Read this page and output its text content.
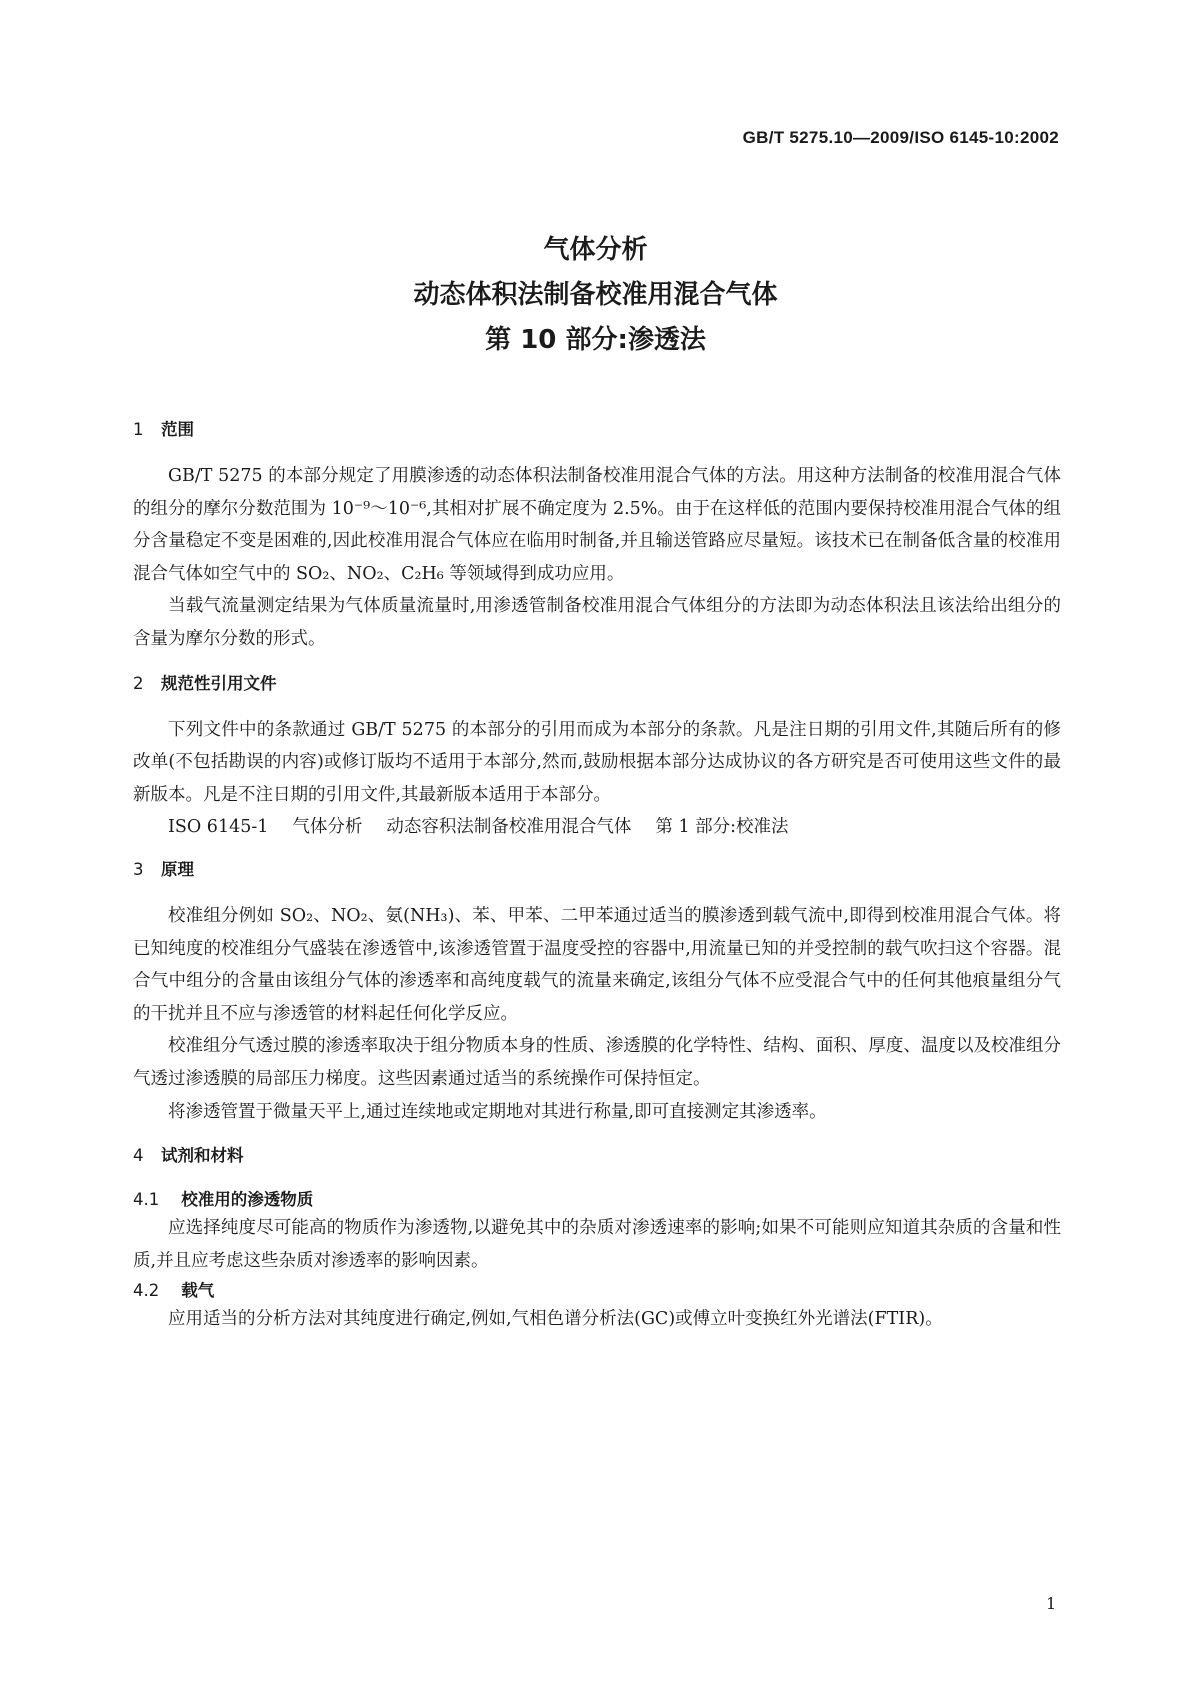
GB/T 5275.10—2009/ISO 6145-10:2002
气体分析
动态体积法制备校准用混合气体
第 10 部分:渗透法
1 范围

GB/T 5275 的本部分规定了用膜渗透的动态体积法制备校准用混合气体的方法。用这种方法制备的校准用混合气体的组分的摩尔分数范围为 10⁻⁹～10⁻⁶,其相对扩展不确定度为 2.5%。由于在这样低的范围内要保持校准用混合气体的组分含量稳定不变是困难的,因此校准用混合气体应在临用时制备,并且输送管路应尽量短。该技术已在制备低含量的校准用混合气体如空气中的 SO₂、NO₂、C₂H₆ 等领域得到成功应用。

当载气流量测定结果为气体质量流量时,用渗透管制备校准用混合气体组分的方法即为动态体积法且该法给出组分的含量为摩尔分数的形式。

2 规范性引用文件

下列文件中的条款通过 GB/T 5275 的本部分的引用而成为本部分的条款。凡是注日期的引用文件,其随后所有的修改单(不包括勘误的内容)或修订版均不适用于本部分,然而,鼓励根据本部分达成协议的各方研究是否可使用这些文件的最新版本。凡是不注日期的引用文件,其最新版本适用于本部分。

ISO 6145-1 气体分析 动态容积法制备校准用混合气体 第 1 部分:校准法
3 原理

校准组分例如 SO₂、NO₂、氨(NH₃)、苯、甲苯、二甲苯通过适当的膜渗透到载气流中,即得到校准用混合气体。将已知纯度的校准组分气盛装在渗透管中,该渗透管置于温度受控的容器中,用流量已知的并受控制的载气吹扫这个容器。混合气中组分的含量由该组分气体的渗透率和高纯度载气的流量来确定,该组分气体不应受混合气中的任何其他痕量组分气的干扰并且不应与渗透管的材料起任何化学反应。

校准组分气透过膜的渗透率取决于组分物质本身的性质、渗透膜的化学特性、结构、面积、厚度、温度以及校准组分气透过渗透膜的局部压力梯度。这些因素通过适当的系统操作可保持恒定。

将渗透管置于微量天平上,通过连续地或定期地对其进行称量,即可直接测定其渗透率。

4 试剂和材料
4.1 校准用的渗透物质

应选择纯度尽可能高的物质作为渗透物,以避免其中的杂质对渗透速率的影响;如果不可能则应知道其杂质的含量和性质,并且应考虑这些杂质对渗透率的影响因素。

4.2 载气

应用适当的分析方法对其纯度进行确定,例如,气相色谱分析法(GC)或傅立叶变换红外光谱法(FTIR)。

1
